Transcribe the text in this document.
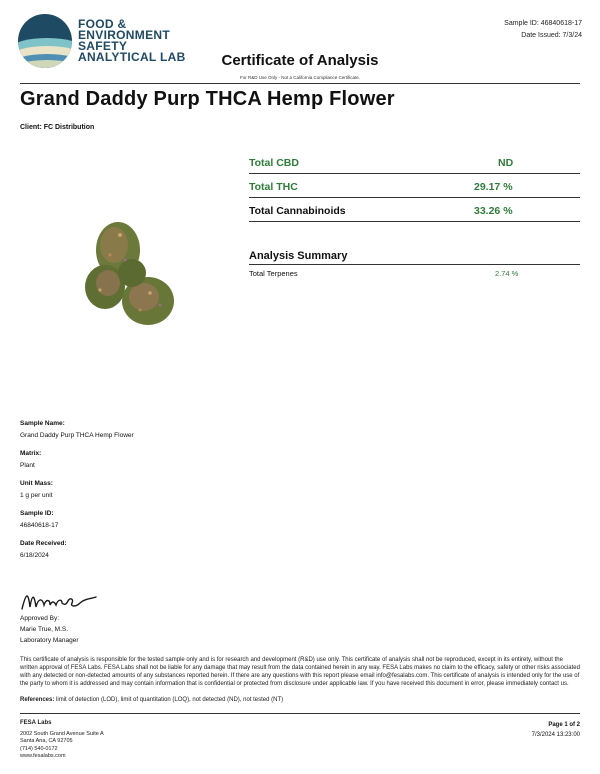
FOOD &
ENVIRONMENT
SAFETY
ANALYTICAL LAB
Sample ID: 46840618-17
Date Issued: 7/3/24
Certificate of Analysis
For R&D Use Only - Not a California Compliance Certificate.
Grand Daddy Purp THCA Hemp Flower
Client: FC Distribution
Total CBD	ND
Total THC	29.17 %
Total Cannabinoids	33.26 %
Analysis Summary
Total Terpenes	2.74 %
Sample Name:
Grand Daddy Purp THCA Hemp Flower
Matrix:
Plant
Unit Mass:
1 g per unit
Sample ID:
46840618-17
Date Received:
6/18/2024
Approved By:
Marie True, M.S.
Laboratory Manager
This certificate of analysis is responsible for the tested sample only and is for research and development (R&D) use only. This certificate of analysis shall not be reproduced, except in its entirety, without the written approval of FESA Labs. FESA Labs shall not be liable for any damage that may result from the data contained herein in any way. FESA Labs makes no claim to the efficacy, safety or other risks associated with any detected or non-detected amounts of any substances reported herein. If there are any questions with this report please email info@fesalabs.com. This certificate of analysis is intended only for the use of the party to whom it is addressed and may contain information that is confidential or protected from disclosure under applicable law. If you have received this document in error, please immediately contact us.
References: limit of detection (LOD), limit of quantitation (LOQ), not detected (ND), not tested (NT)
FESA Labs
2002 South Grand Avenue Suite A
Santa Ana, CA 92705
(714) 540-0172
www.fesalabs.com
Page 1 of 2
7/3/2024 13:23:00
